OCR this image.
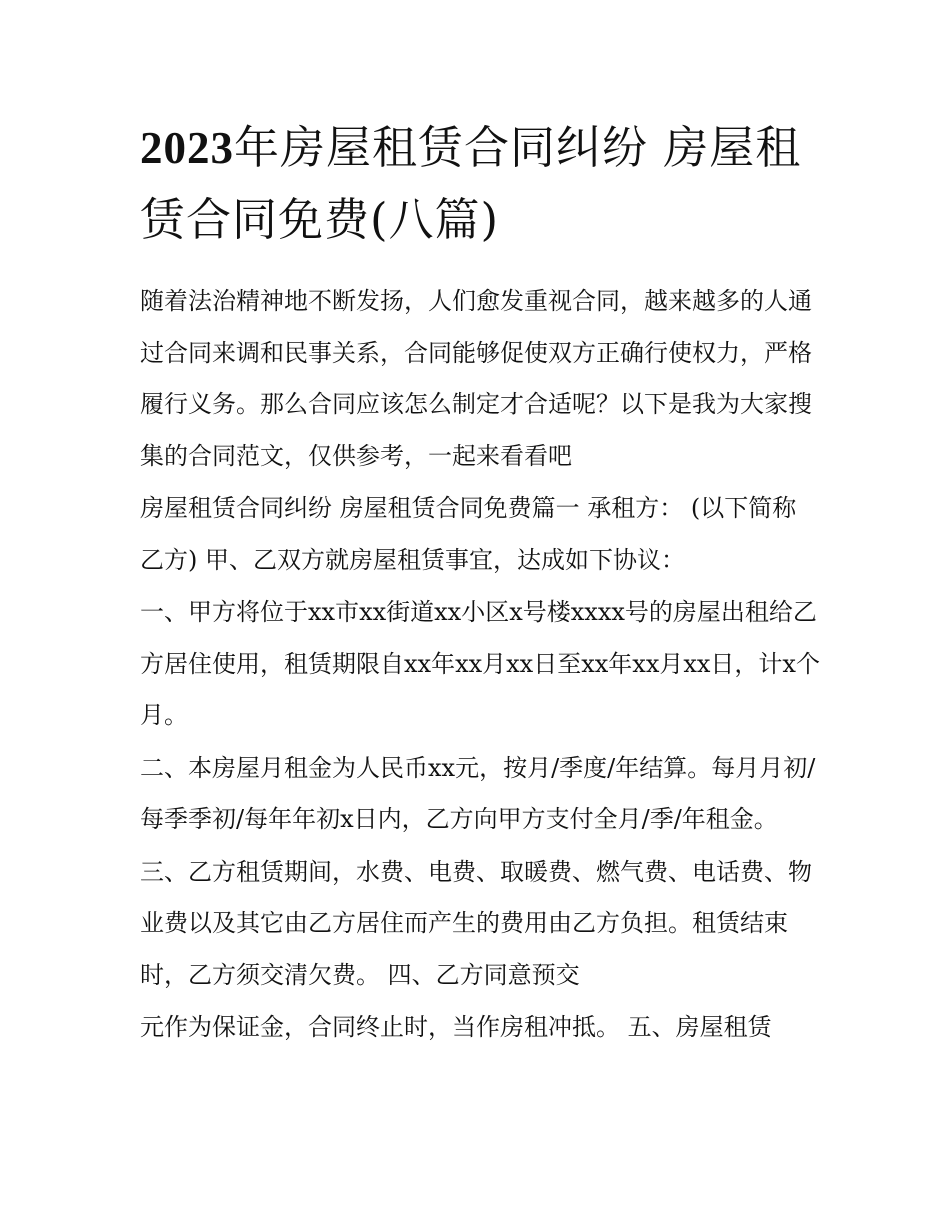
2023年房屋租赁合同纠纷 房屋租赁合同免费(八篇)

随着法治精神地不断发扬，人们愈发重视合同，越来越多的人通过合同来调和民事关系，合同能够促使双方正确行使权力，严格履行义务。那么合同应该怎么制定才合适呢？以下是我为大家搜集的合同范文，仅供参考，一起来看看吧

房屋租赁合同纠纷 房屋租赁合同免费篇一 承租方： (以下简称乙方) 甲、乙双方就房屋租赁事宜，达成如下协议：

一、甲方将位于xx市xx街道xx小区x号楼xxxx号的房屋出租给乙方居住使用，租赁期限自xx年xx月xx日至xx年xx月xx日，计x个月。

二、本房屋月租金为人民币xx元，按月/季度/年结算。每月月初/每季季初/每年年初x日内，乙方向甲方支付全月/季/年租金。

三、乙方租赁期间，水费、电费、取暖费、燃气费、电话费、物业费以及其它由乙方居住而产生的费用由乙方负担。租赁结束时，乙方须交清欠费。 四、乙方同意预交

元作为保证金，合同终止时，当作房租冲抵。 五、房屋租赁
